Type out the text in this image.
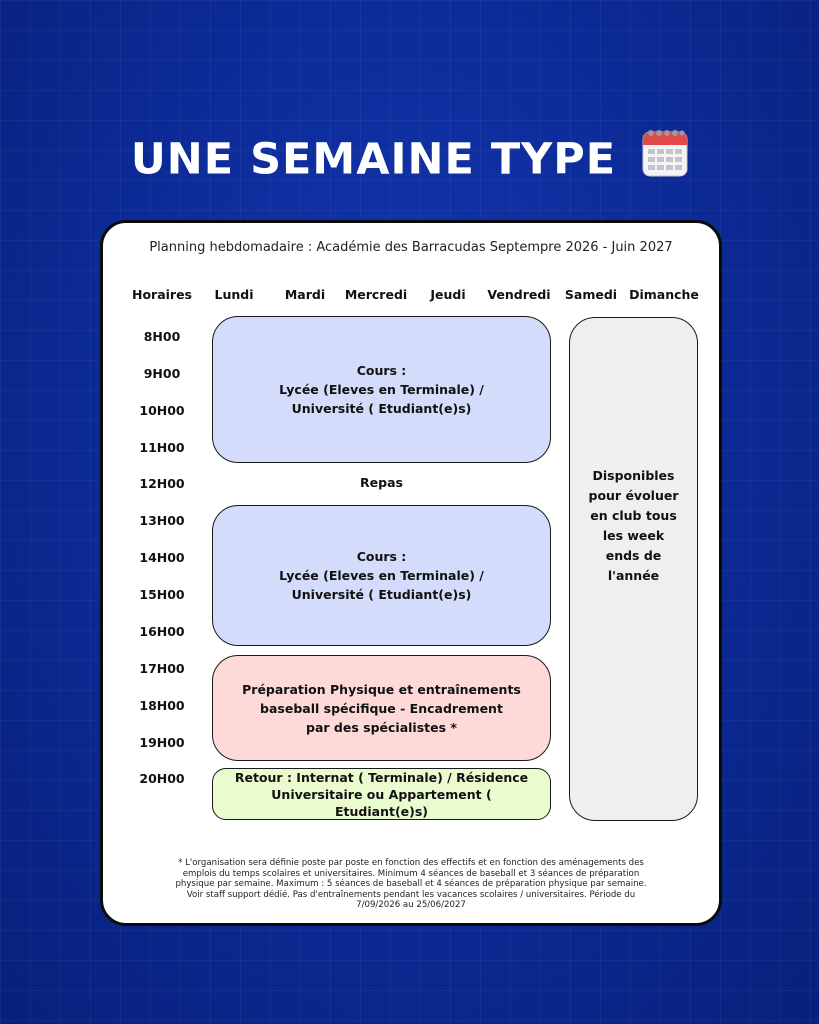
UNE SEMAINE TYPE
Planning hebdomadaire : Académie des Barracudas Septempre 2026 - Juin 2027
Horaires Lundi	Mardi Mercredi Jeudi Vendredi Samedi Dimanche
8H00
9H00
10H00
11H00
12H00
13H00
14H00
15H00
16H00
17H00
18H00
19H00
20H00
Cours :
Lycée (Eleves en Terminale) /
Université ( Etudiant(e)s)
Repas
Cours :
Lycée (Eleves en Terminale) /
Université ( Etudiant(e)s)
Préparation Physique et entraînements
baseball spécifique - Encadrement
par des spécialistes *
Retour : Internat ( Terminale) / Résidence
Universitaire ou Appartement ( Etudiant(e)s)
Disponibles
pour évoluer
en club tous
les week
ends de
l'année
* L'organisation sera définie poste par poste en fonction des effectifs et en fonction des aménagements des
emplois du temps scolaires et universitaires. Minimum 4 séances de baseball et 3 séances de préparation
physique par semaine. Maximum : 5 séances de baseball et 4 séances de préparation physique par semaine.
Voir staff support dédié. Pas d'entraînements pendant les vacances scolaires / universitaires. Période du
7/09/2026 au 25/06/2027
